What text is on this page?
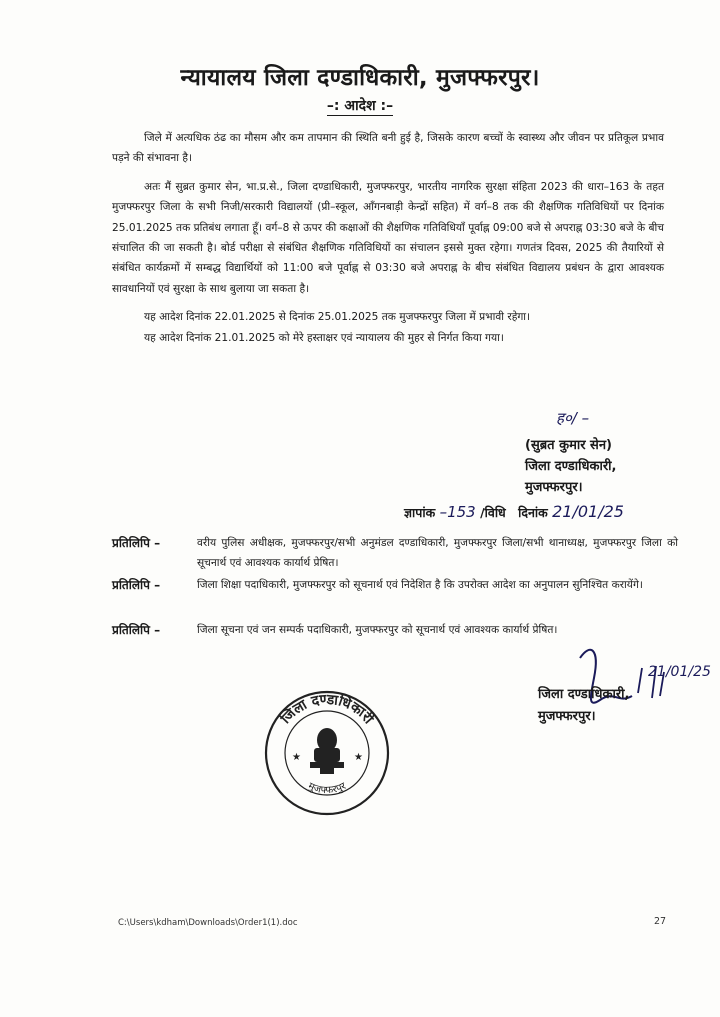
न्यायालय जिला दण्डाधिकारी, मुजफ्फरपुर।
–: आदेश :–

जिले में अत्यधिक ठंढ का मौसम और कम तापमान की स्थिति बनी हुई है, जिसके कारण बच्चों के स्वास्थ्य और जीवन पर प्रतिकूल प्रभाव पड़ने की संभावना है।

अतः मैं सुब्रत कुमार सेन, भा.प्र.से., जिला दण्डाधिकारी, मुजफ्फरपुर, भारतीय नागरिक सुरक्षा संहिता 2023 की धारा–163 के तहत मुजफ्फरपुर जिला के सभी निजी/सरकारी विद्यालयों (प्री–स्कूल, आँगनबाड़ी केन्द्रों सहित) में वर्ग–8 तक की शैक्षणिक गतिविधियों पर दिनांक 25.01.2025 तक प्रतिबंध लगाता हूँ। वर्ग–8 से ऊपर की कक्षाओं की शैक्षणिक गतिविधियाँ पूर्वाह्न 09:00 बजे से अपराह्न 03:30 बजे के बीच संचालित की जा सकती है। बोर्ड परीक्षा से संबंधित शैक्षणिक गतिविधियों का संचालन इससे मुक्त रहेगा। गणतंत्र दिवस, 2025 की तैयारियों से संबंधित कार्यक्रमों में सम्बद्ध विद्यार्थियों को 11:00 बजे पूर्वाह्न से 03:30 बजे अपराह्न के बीच संबंधित विद्यालय प्रबंधन के द्वारा आवश्यक सावधानियों एवं सुरक्षा के साथ बुलाया जा सकता है।

यह आदेश दिनांक 22.01.2025 से दिनांक 25.01.2025 तक मुजफ्फरपुर जिला में प्रभावी रहेगा।

यह आदेश दिनांक 21.01.2025 को मेरे हस्ताक्षर एवं न्यायालय की मुहर से निर्गत किया गया।

ह०/ –
(सुब्रत कुमार सेन)
जिला दण्डाधिकारी,
मुजफ्फरपुर।
ज्ञापांक –153 /विधि दिनांक 21/01/25
प्रतिलिपि –	वरीय पुलिस अधीक्षक, मुजफ्फरपुर/सभी अनुमंडल दण्डाधिकारी, मुजफ्फरपुर जिला/सभी थानाध्यक्ष, मुजफ्फरपुर जिला को सूचनार्थ एवं आवश्यक कार्यार्थ प्रेषित।
प्रतिलिपि –	जिला शिक्षा पदाधिकारी, मुजफ्फरपुर को सूचनार्थ एवं निदेशित है कि उपरोक्त आदेश का अनुपालन सुनिश्चित करायेंगे।
प्रतिलिपि –	जिला सूचना एवं जन सम्पर्क पदाधिकारी, मुजफ्फरपुर को सूचनार्थ एवं आवश्यक कार्यार्थ प्रेषित।
21/01/25
जिला दण्डाधिकारी,
मुजफ्फरपुर।
जिला दण्डाधिकारी
मुजफ्फरपुर
★	★
C:\Users\kdham\Downloads\Order1(1).doc	27
